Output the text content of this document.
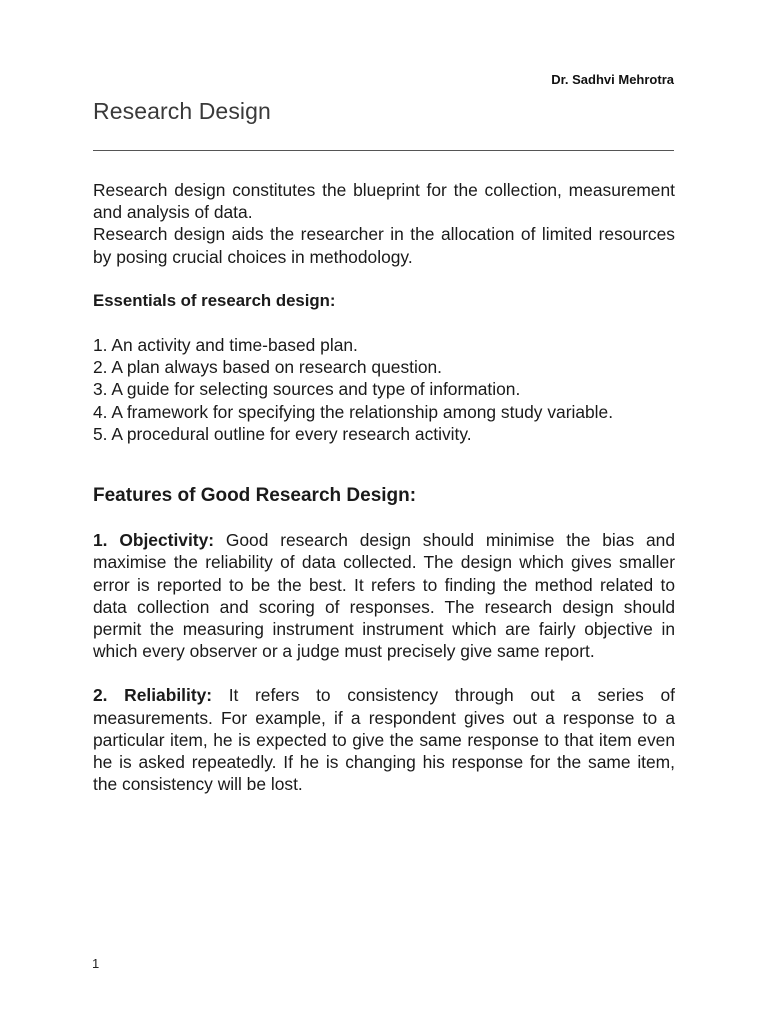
Dr. Sadhvi Mehrotra
Research Design

Research design constitutes the blueprint for the collection, measurement and analysis of data.

Research design aids the researcher in the allocation of limited resources by posing crucial choices in methodology.

Essentials of research design:
1. An activity and time-based plan.
2. A plan always based on research question.
3. A guide for selecting sources and type of information.
4. A framework for specifying the relationship among study variable.
5. A procedural outline for every research activity.
Features of Good Research Design:

1. Objectivity: Good research design should minimise the bias and maximise the reliability of data collected. The design which gives smaller error is reported to be the best. It refers to finding the method related to data collection and scoring of responses. The research design should permit the measuring instrument instrument which are fairly objective in which every observer or a judge must precisely give same report.

2. Reliability: It refers to consistency through out a series of measurements. For example, if a respondent gives out a response to a particular item, he is expected to give the same response to that item even he is asked repeatedly. If he is changing his response for the same item, the consistency will be lost.

1
